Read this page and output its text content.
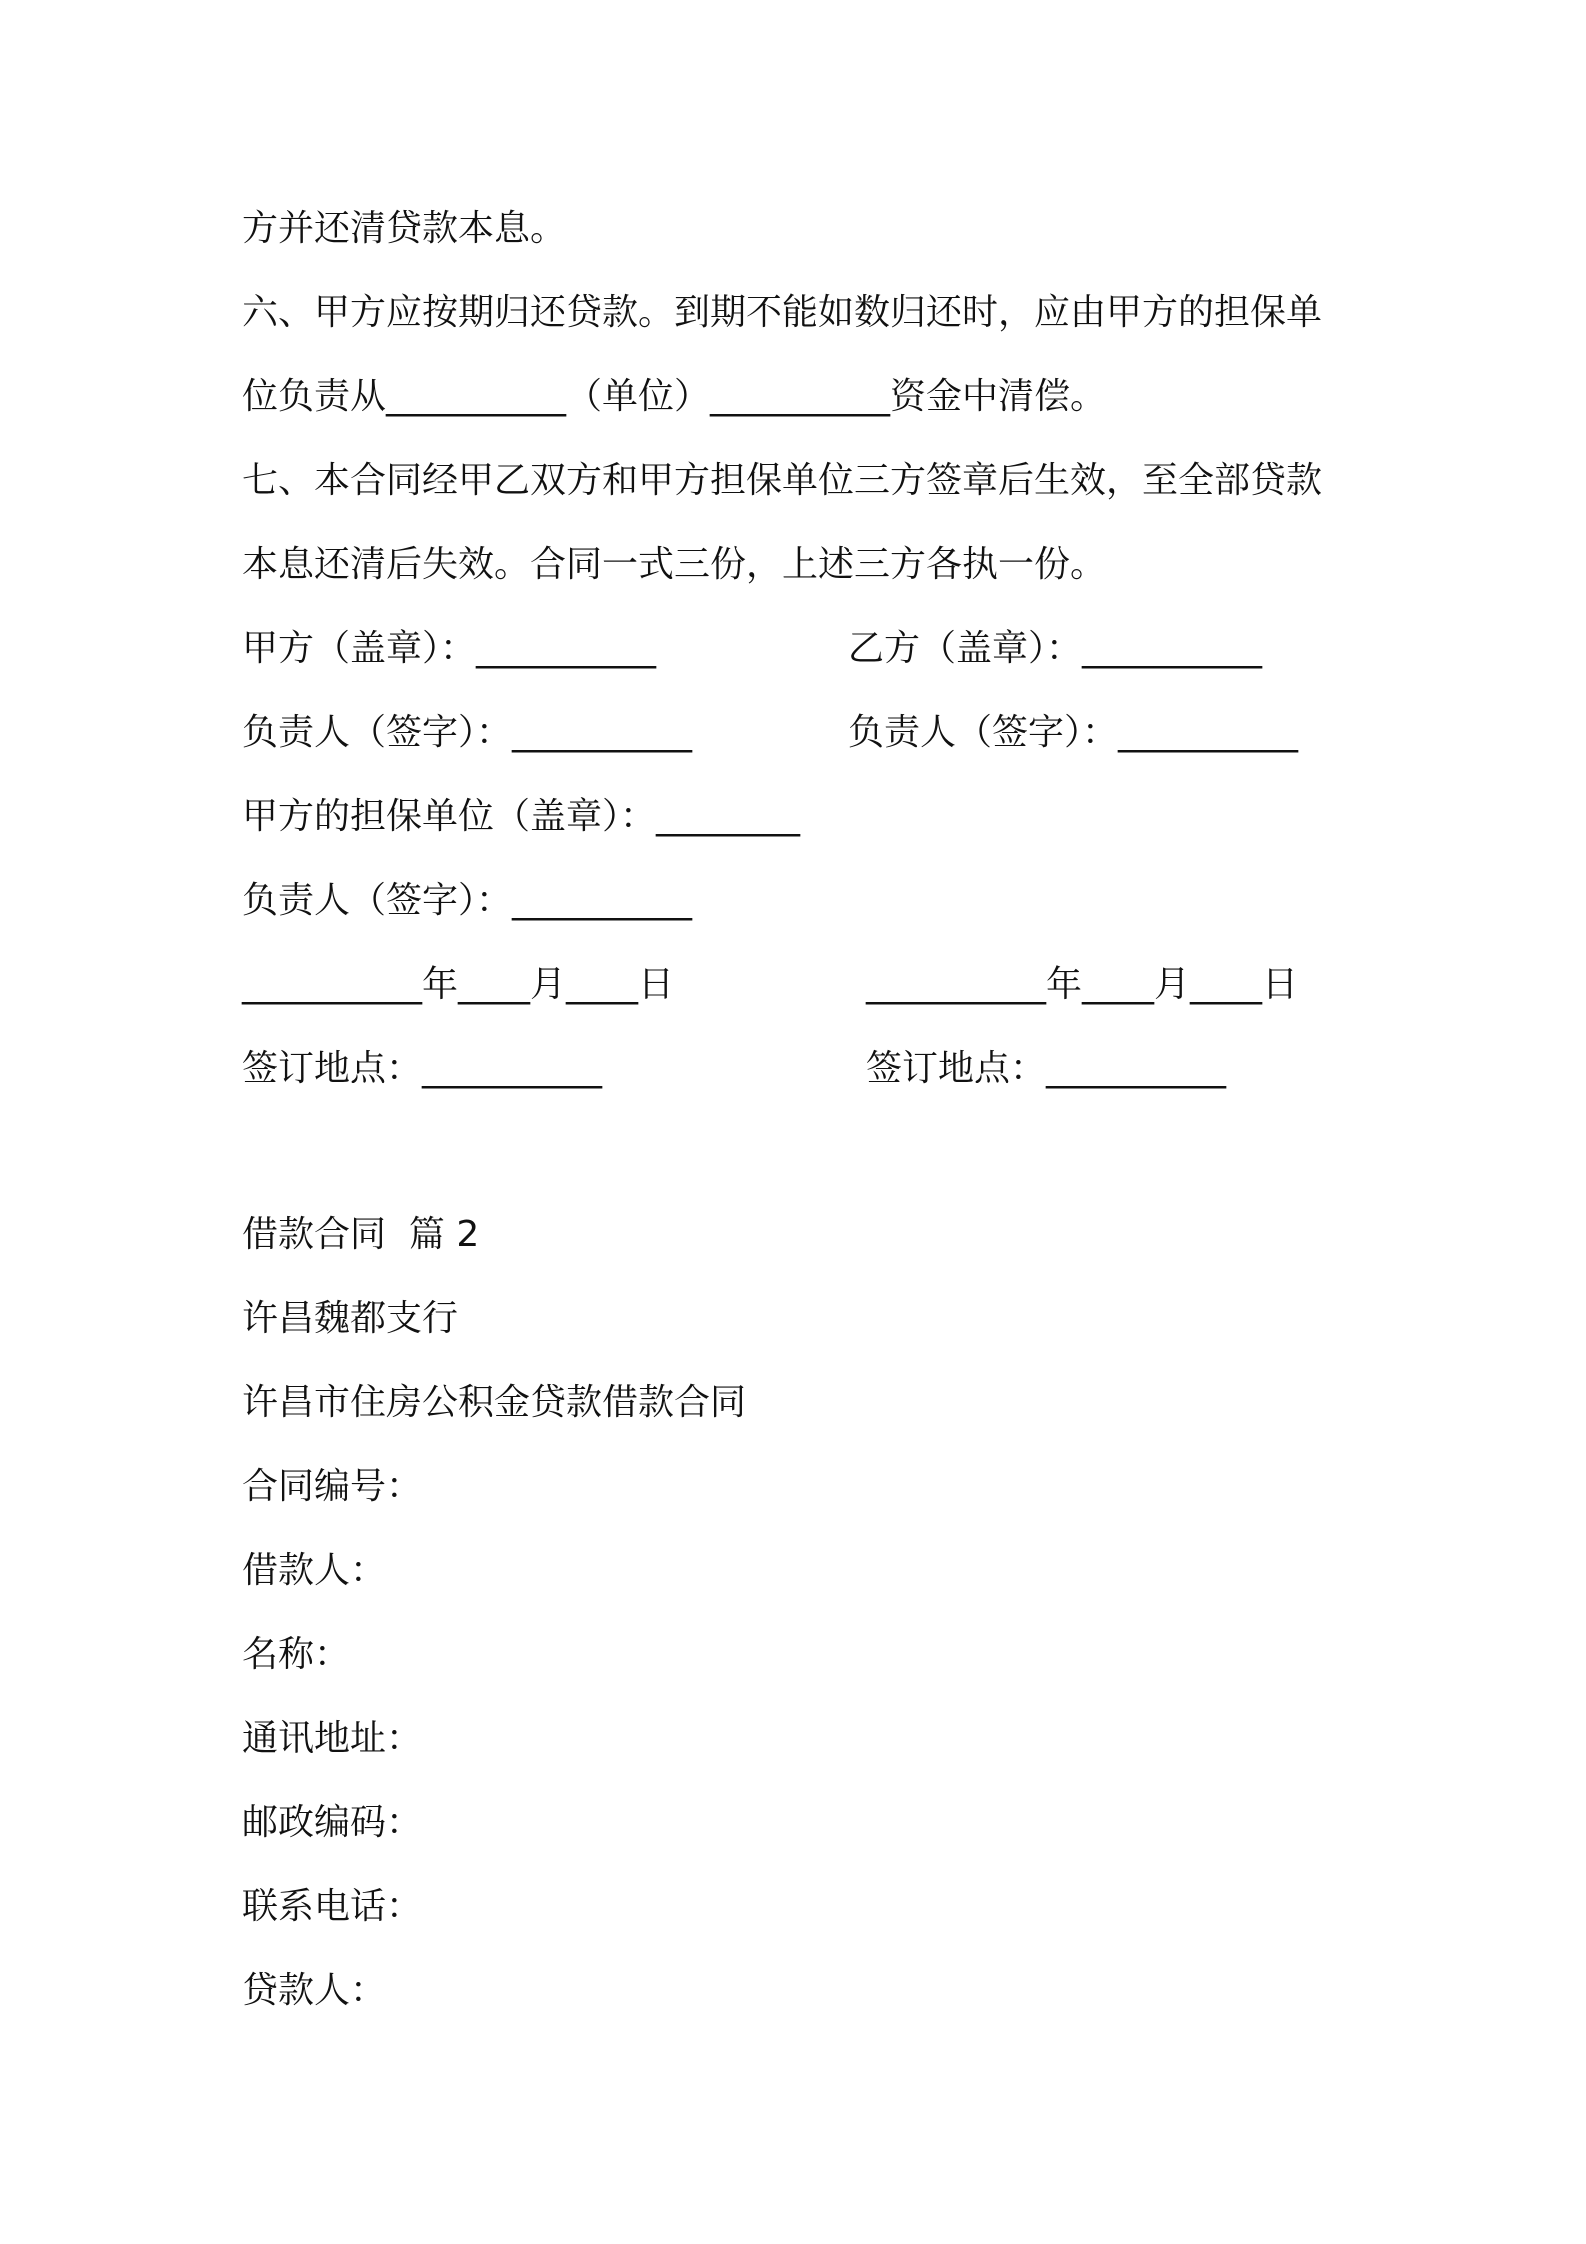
方并还清贷款本息。
六、甲方应按期归还贷款。到期不能如数归还时，应由甲方的担保单
位负责从__________（单位）__________资金中清偿。
七、本合同经甲乙双方和甲方担保单位三方签章后生效，至全部贷款
本息还清后失效。合同一式三份，上述三方各执一份。
甲方（盖章）：__________	乙方（盖章）：__________
负责人（签字）：__________	负责人（签字）：__________
甲方的担保单位（盖章）：________
负责人（签字）：__________
__________年____月____日	__________年____月____日
签订地点：__________	签订地点：__________
借款合同  篇 2
许昌魏都支行
许昌市住房公积金贷款借款合同
合同编号：
借款人：
名称：
通讯地址：
邮政编码：
联系电话：
贷款人：
